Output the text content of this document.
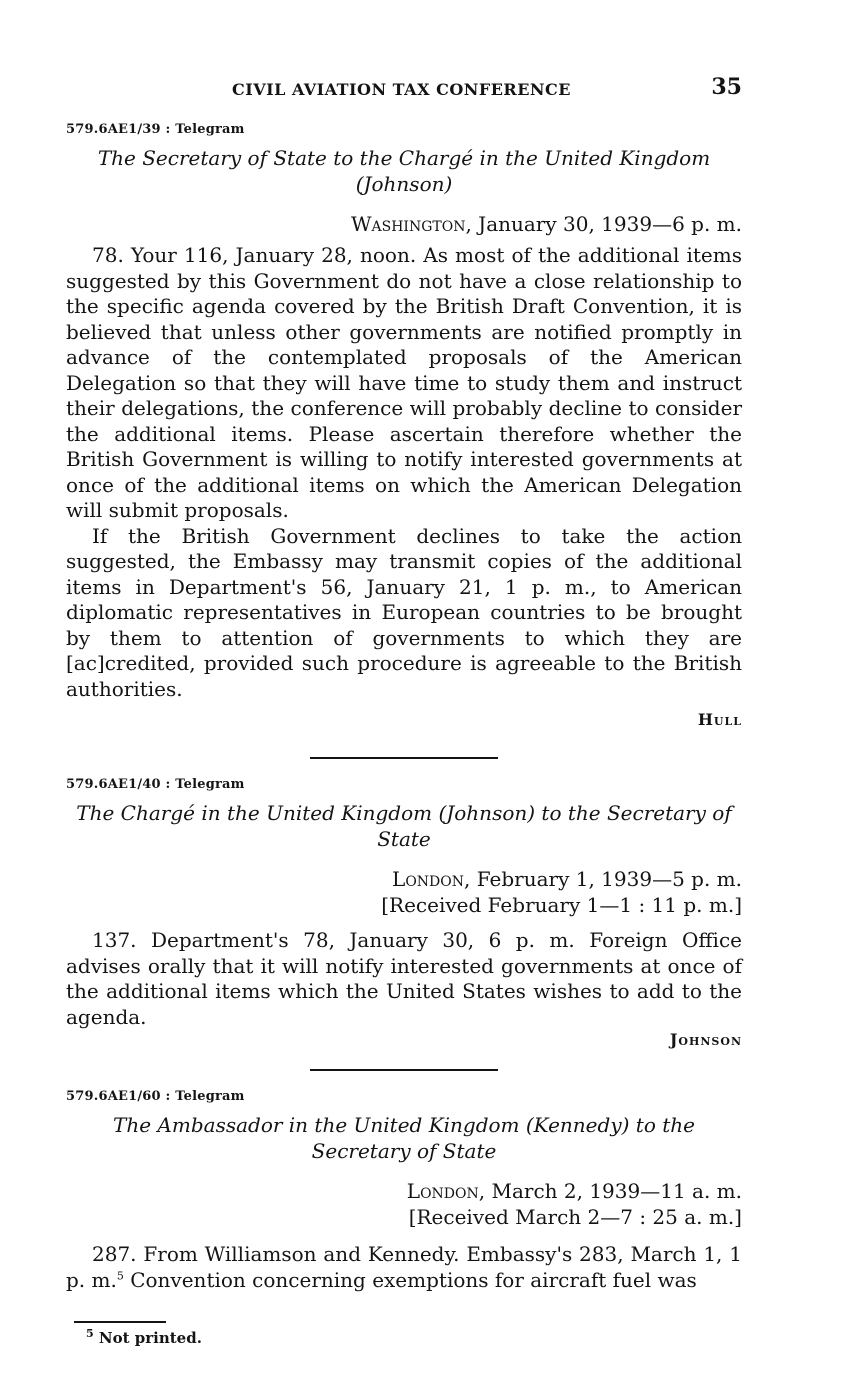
CIVIL AVIATION TAX CONFERENCE	35
579.6AE1/39 : Telegram
The Secretary of State to the Chargé in the United Kingdom (Johnson)
Washington, January 30, 1939—6 p. m.

78. Your 116, January 28, noon. As most of the additional items suggested by this Government do not have a close relationship to the specific agenda covered by the British Draft Convention, it is believed that unless other governments are notified promptly in advance of the contemplated proposals of the American Delegation so that they will have time to study them and instruct their delegations, the conference will probably decline to consider the additional items. Please ascertain therefore whether the British Government is willing to notify interested governments at once of the additional items on which the American Delegation will submit proposals.

If the British Government declines to take the action suggested, the Embassy may transmit copies of the additional items in Department's 56, January 21, 1 p. m., to American diplomatic representatives in European countries to be brought by them to attention of governments to which they are [ac]credited, provided such procedure is agreeable to the British authorities.

Hull
579.6AE1/40 : Telegram
The Chargé in the United Kingdom (Johnson) to the Secretary of State
London, February 1, 1939—5 p. m.
[Received February 1—1 : 11 p. m.]

137. Department's 78, January 30, 6 p. m. Foreign Office advises orally that it will notify interested governments at once of the additional items which the United States wishes to add to the agenda.

Johnson
579.6AE1/60 : Telegram
The Ambassador in the United Kingdom (Kennedy) to the Secretary of State
London, March 2, 1939—11 a. m.
[Received March 2—7 : 25 a. m.]

287. From Williamson and Kennedy. Embassy's 283, March 1, 1 p. m.$^5$ Convention concerning exemptions for aircraft fuel was

$^5$ Not printed.
